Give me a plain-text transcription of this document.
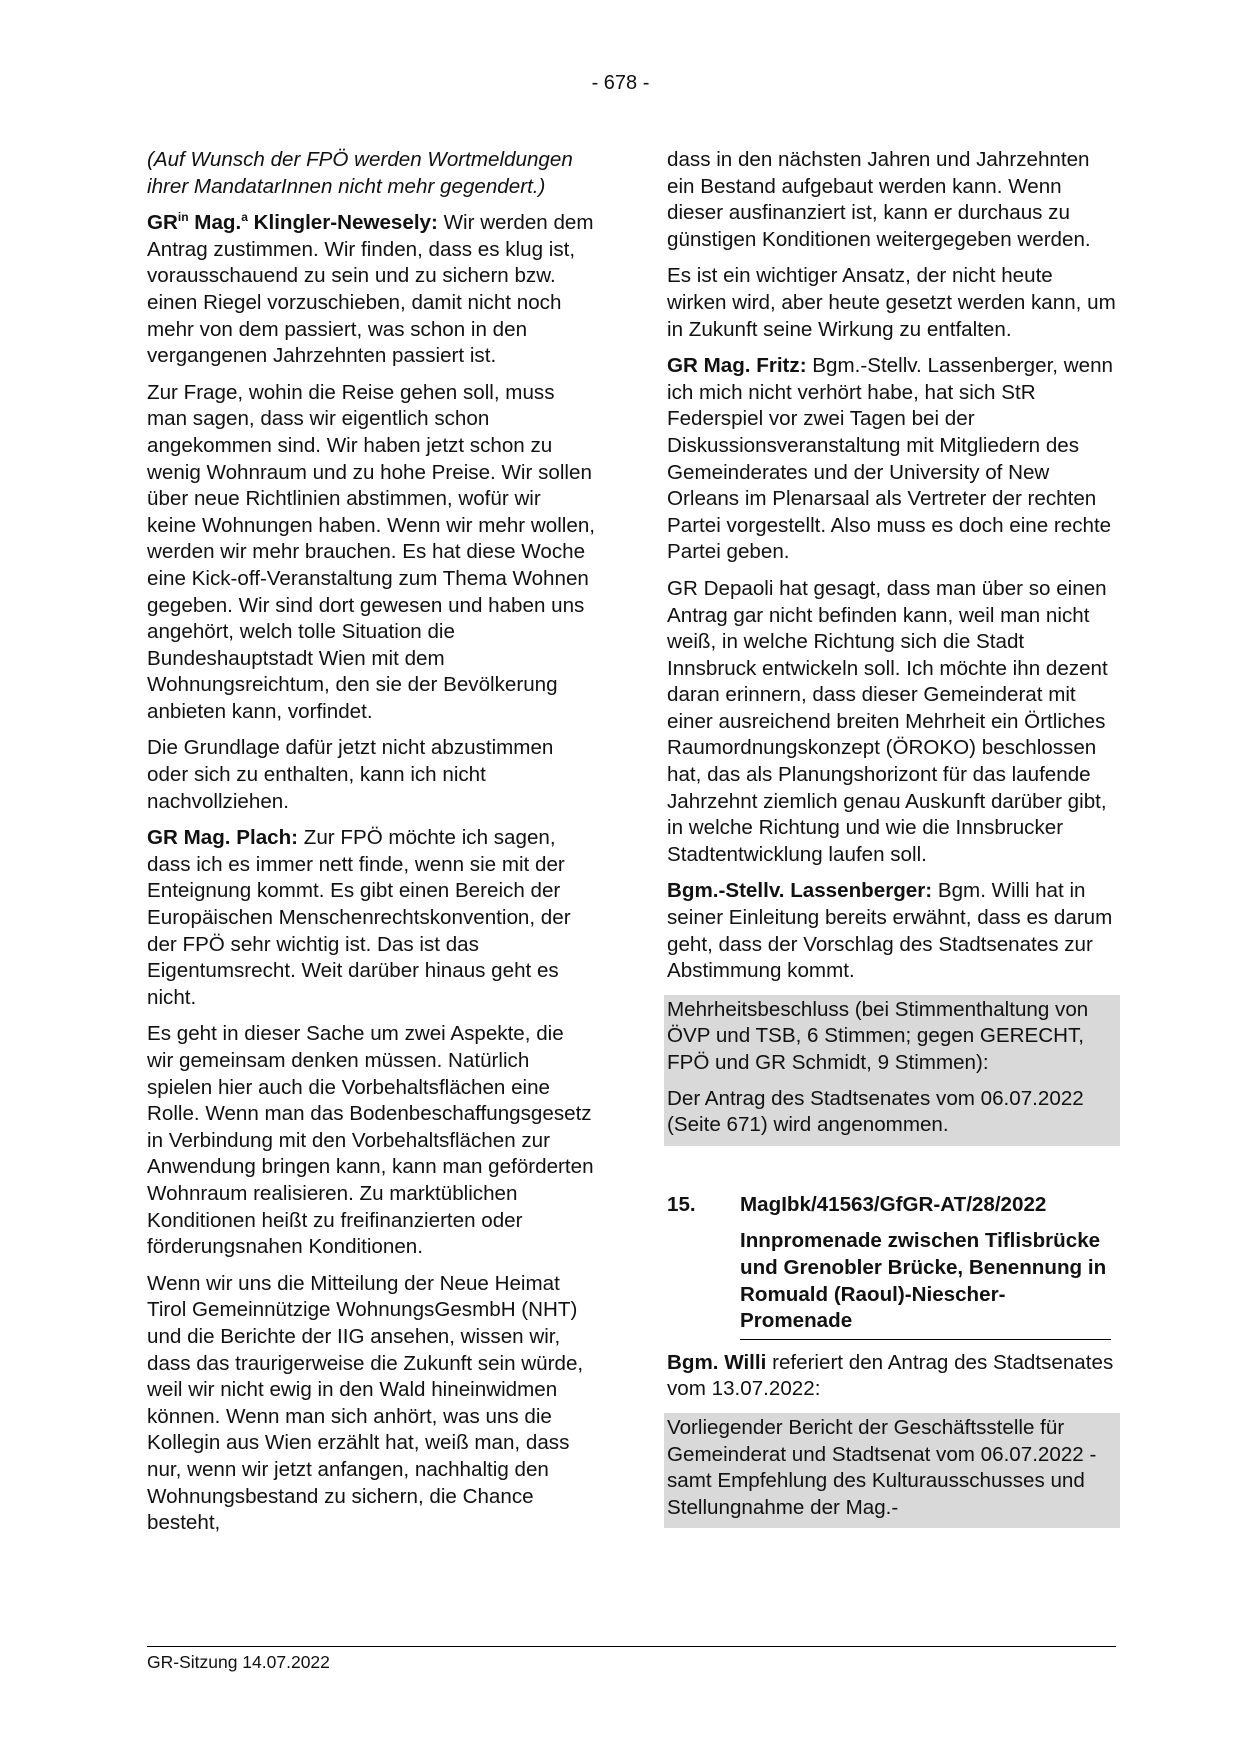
- 678 -

(Auf Wunsch der FPÖ werden Wortmeldungen ihrer MandatarInnen nicht mehr gegendert.)

$GR^{in}$ Mag.$^a$ Klingler-Newesely: Wir werden dem Antrag zustimmen. Wir finden, dass es klug ist, vorausschauend zu sein und zu sichern bzw. einen Riegel vorzuschieben, damit nicht noch mehr von dem passiert, was schon in den vergangenen Jahrzehnten passiert ist.

Zur Frage, wohin die Reise gehen soll, muss man sagen, dass wir eigentlich schon angekommen sind. Wir haben jetzt schon zu wenig Wohnraum und zu hohe Preise. Wir sollen über neue Richtlinien abstimmen, wofür wir keine Wohnungen haben. Wenn wir mehr wollen, werden wir mehr brauchen. Es hat diese Woche eine Kick-off-Veranstaltung zum Thema Wohnen gegeben. Wir sind dort gewesen und haben uns angehört, welch tolle Situation die Bundeshauptstadt Wien mit dem Wohnungsreichtum, den sie der Bevölkerung anbieten kann, vorfindet.

Die Grundlage dafür jetzt nicht abzustimmen oder sich zu enthalten, kann ich nicht nachvollziehen.

GR Mag. Plach: Zur FPÖ möchte ich sagen, dass ich es immer nett finde, wenn sie mit der Enteignung kommt. Es gibt einen Bereich der Europäischen Menschenrechtskonvention, der der FPÖ sehr wichtig ist. Das ist das Eigentumsrecht. Weit darüber hinaus geht es nicht.

Es geht in dieser Sache um zwei Aspekte, die wir gemeinsam denken müssen. Natürlich spielen hier auch die Vorbehaltsflächen eine Rolle. Wenn man das Bodenbeschaffungsgesetz in Verbindung mit den Vorbehaltsflächen zur Anwendung bringen kann, kann man geförderten Wohnraum realisieren. Zu marktüblichen Konditionen heißt zu freifinanzierten oder förderungsnahen Konditionen.

Wenn wir uns die Mitteilung der Neue Heimat Tirol Gemeinnützige WohnungsGesmbH (NHT) und die Berichte der IIG ansehen, wissen wir, dass das traurigerweise die Zukunft sein würde, weil wir nicht ewig in den Wald hineinwidmen können. Wenn man sich anhört, was uns die Kollegin aus Wien erzählt hat, weiß man, dass nur, wenn wir jetzt anfangen, nachhaltig den Wohnungsbestand zu sichern, die Chance besteht,

dass in den nächsten Jahren und Jahrzehnten ein Bestand aufgebaut werden kann. Wenn dieser ausfinanziert ist, kann er durchaus zu günstigen Konditionen weitergegeben werden.

Es ist ein wichtiger Ansatz, der nicht heute wirken wird, aber heute gesetzt werden kann, um in Zukunft seine Wirkung zu entfalten.

GR Mag. Fritz: Bgm.-Stellv. Lassenberger, wenn ich mich nicht verhört habe, hat sich StR Federspiel vor zwei Tagen bei der Diskussionsveranstaltung mit Mitgliedern des Gemeinderates und der University of New Orleans im Plenarsaal als Vertreter der rechten Partei vorgestellt. Also muss es doch eine rechte Partei geben.

GR Depaoli hat gesagt, dass man über so einen Antrag gar nicht befinden kann, weil man nicht weiß, in welche Richtung sich die Stadt Innsbruck entwickeln soll. Ich möchte ihn dezent daran erinnern, dass dieser Gemeinderat mit einer ausreichend breiten Mehrheit ein Örtliches Raumordnungskonzept (ÖROKO) beschlossen hat, das als Planungshorizont für das laufende Jahrzehnt ziemlich genau Auskunft darüber gibt, in welche Richtung und wie die Innsbrucker Stadtentwicklung laufen soll.

Bgm.-Stellv. Lassenberger: Bgm. Willi hat in seiner Einleitung bereits erwähnt, dass es darum geht, dass der Vorschlag des Stadtsenates zur Abstimmung kommt.

Mehrheitsbeschluss (bei Stimmenthaltung von ÖVP und TSB, 6 Stimmen; gegen GERECHT, FPÖ und GR Schmidt, 9 Stimmen):

Der Antrag des Stadtsenates vom 06.07.2022 (Seite 671) wird angenommen.

15.	MagIbk/41563/GfGR-AT/28/2022
Innpromenade zwischen Tiflisbrücke und Grenobler Brücke, Benennung in Romuald (Raoul)-Niescher-Promenade

Bgm. Willi referiert den Antrag des Stadtsenates vom 13.07.2022:

Vorliegender Bericht der Geschäftsstelle für Gemeinderat und Stadtsenat vom 06.07.2022 - samt Empfehlung des Kulturausschusses und Stellungnahme der Mag.-

GR-Sitzung 14.07.2022
